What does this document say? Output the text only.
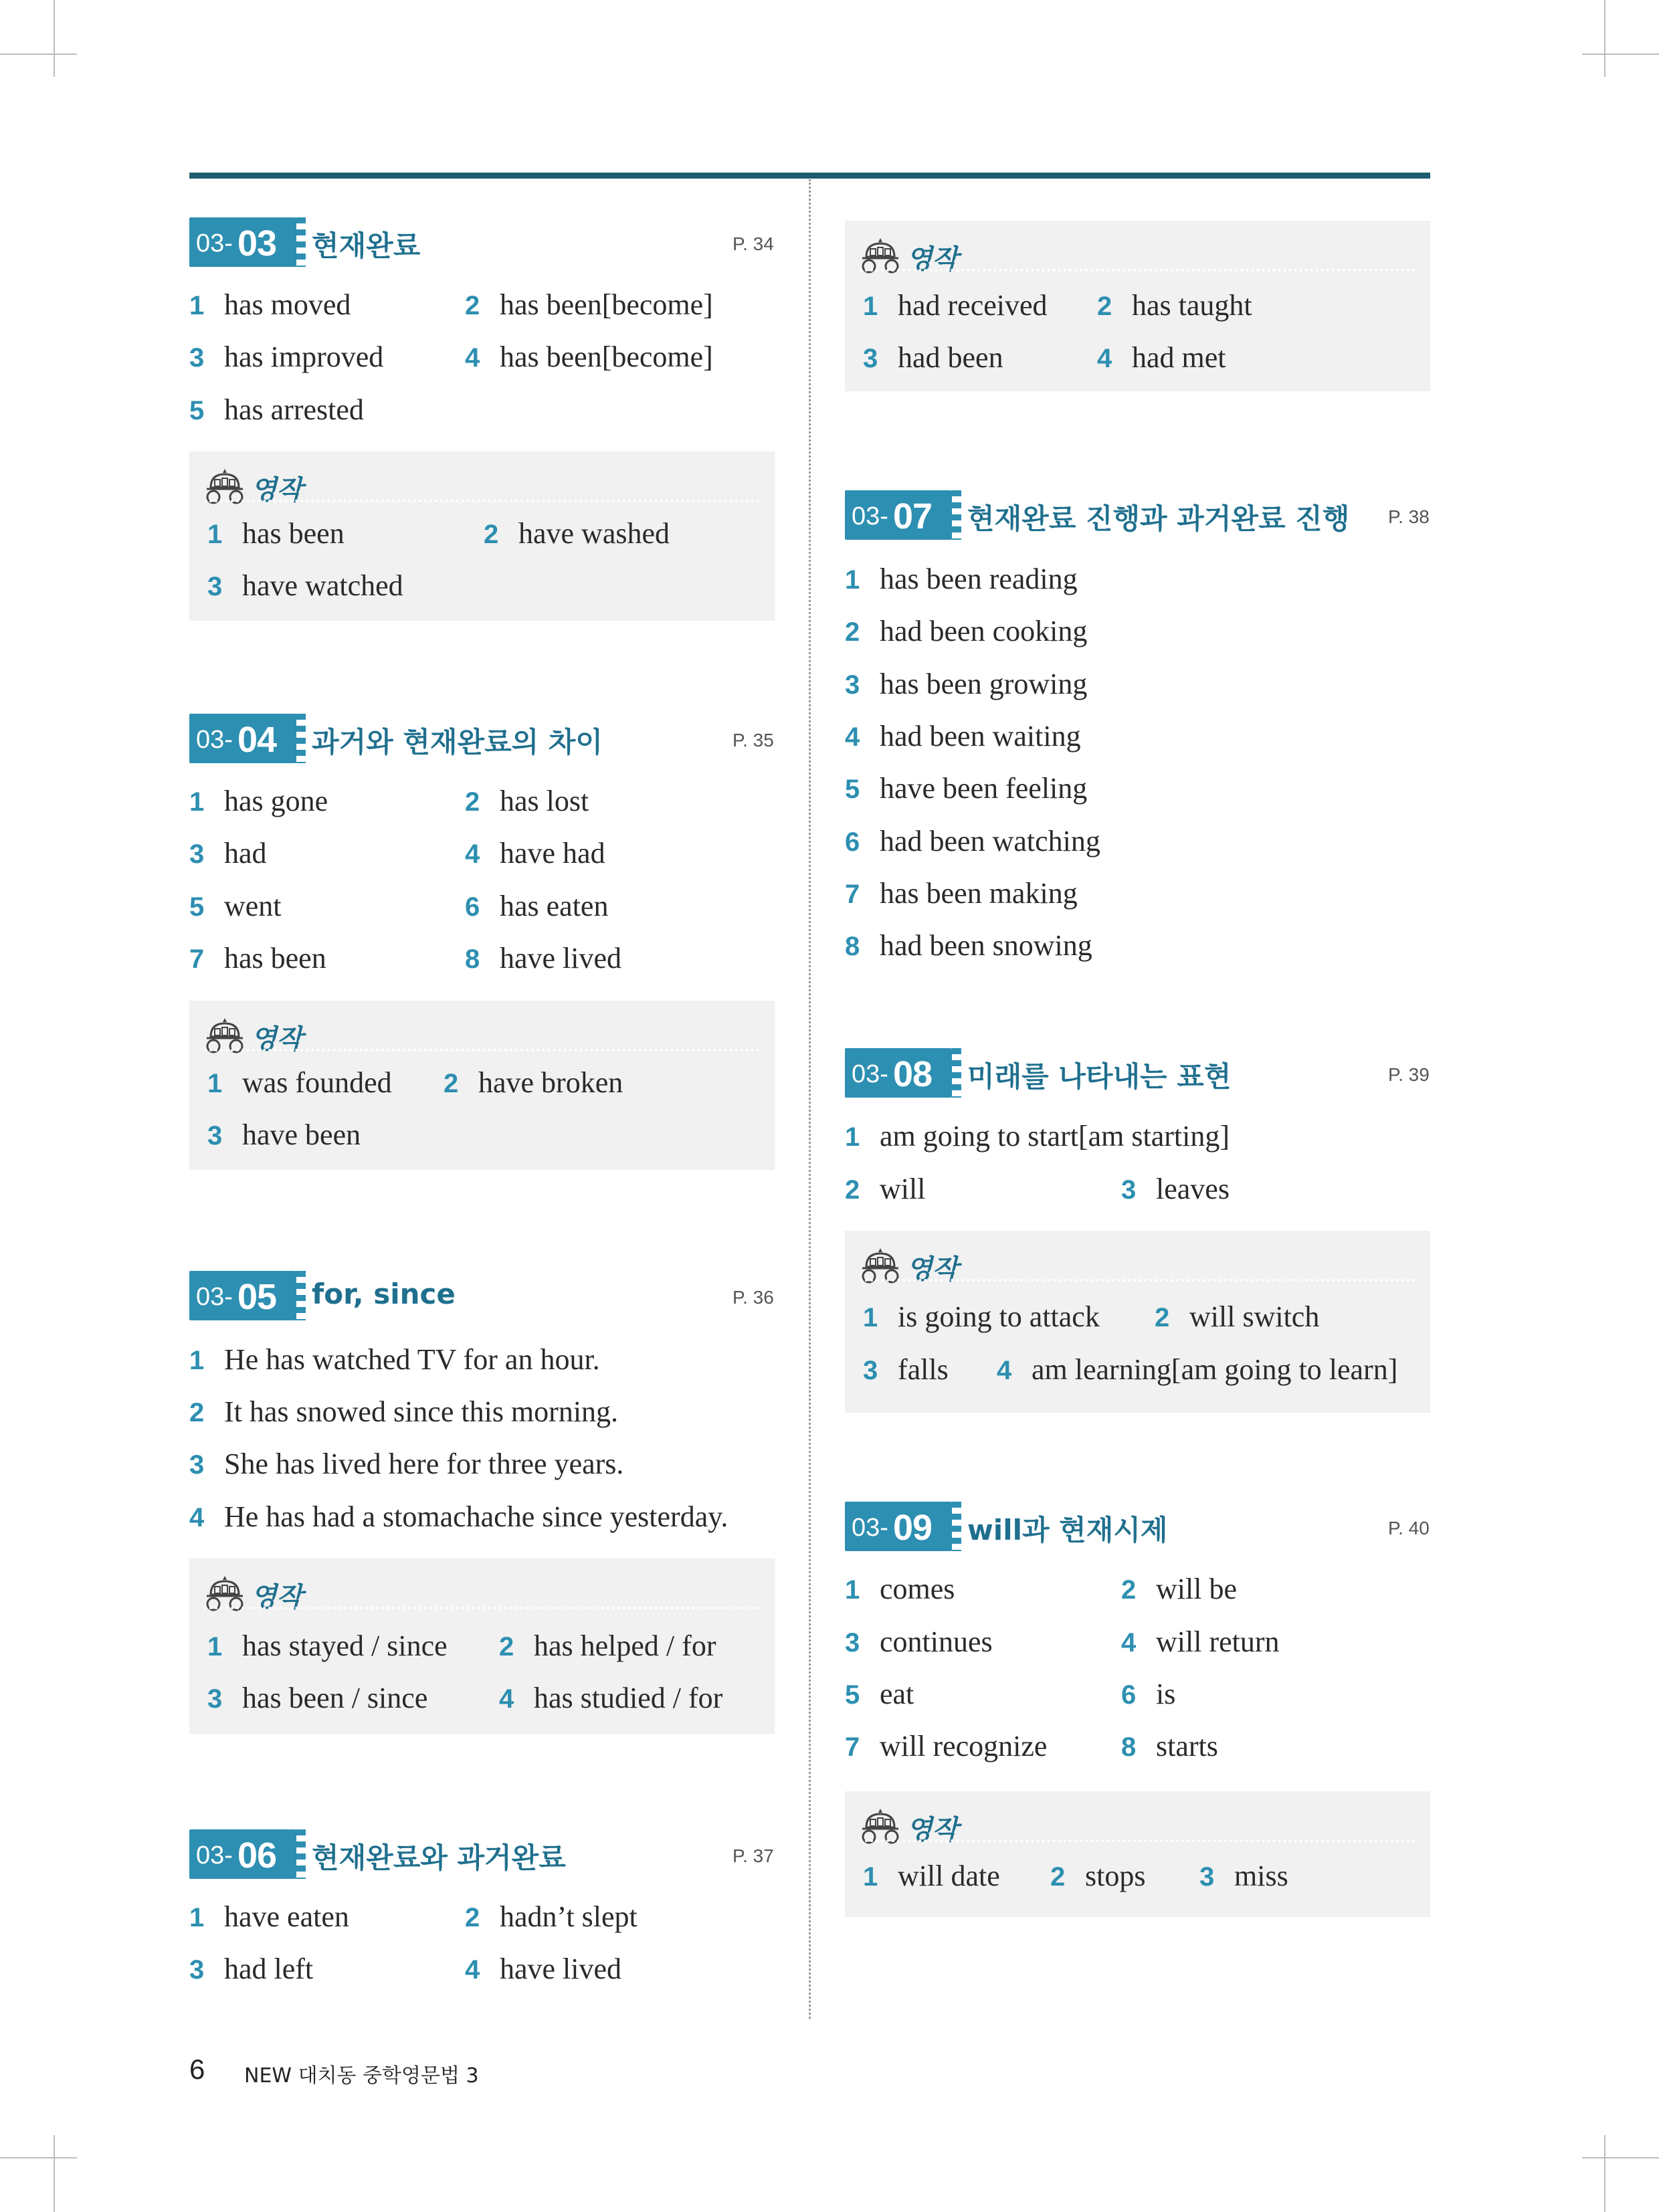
03- 03 현재완료	P. 34
1 has moved	2 has been[become]
3 has improved	4 has been[become]
5 has arrested
영작
1 has been	2 have washed
3 have watched
03- 04 과거와 현재완료의 차이	P. 35
1 has gone	2 has lost
3 had	4 have had
5 went	6 has eaten
7 has been	8 have lived
영작
1 was founded 2 have broken
3 have been
03- 05 for, since	P. 36
1 He has watched TV for an hour.
2 It has snowed since this morning.
3 She has lived here for three years.
4 He has had a stomachache since yesterday.
영작
1 has stayed / since 2 has helped / for
3 has been / since	4 has studied / for
03- 06 현재완료와 과거완료	P. 37
1 have eaten	2 hadn’t slept
3 had left	4 have lived
영작
1 had received 2 has taught
3 had been	4 had met
03- 07 현재완료 진행과 과거완료 진행 P. 38
1 has been reading
2 had been cooking
3 has been growing
4 had been waiting
5 have been feeling
6 had been watching
7 has been making
8 had been snowing
03- 08 미래를 나타내는 표현	P. 39
1 am going to start[am starting]
2 will	3 leaves
영작
1 is going to attack 2 will switch
3 falls 4 am learning[am going to learn]
03- 09 will과 현재시제	P. 40
1 comes	2 will be
3 continues	4 will return
5 eat	6 is
7 will recognize	8 starts
영작
1 will date 2 stops 3 miss
6 NEW 대치동 중학영문법 3
